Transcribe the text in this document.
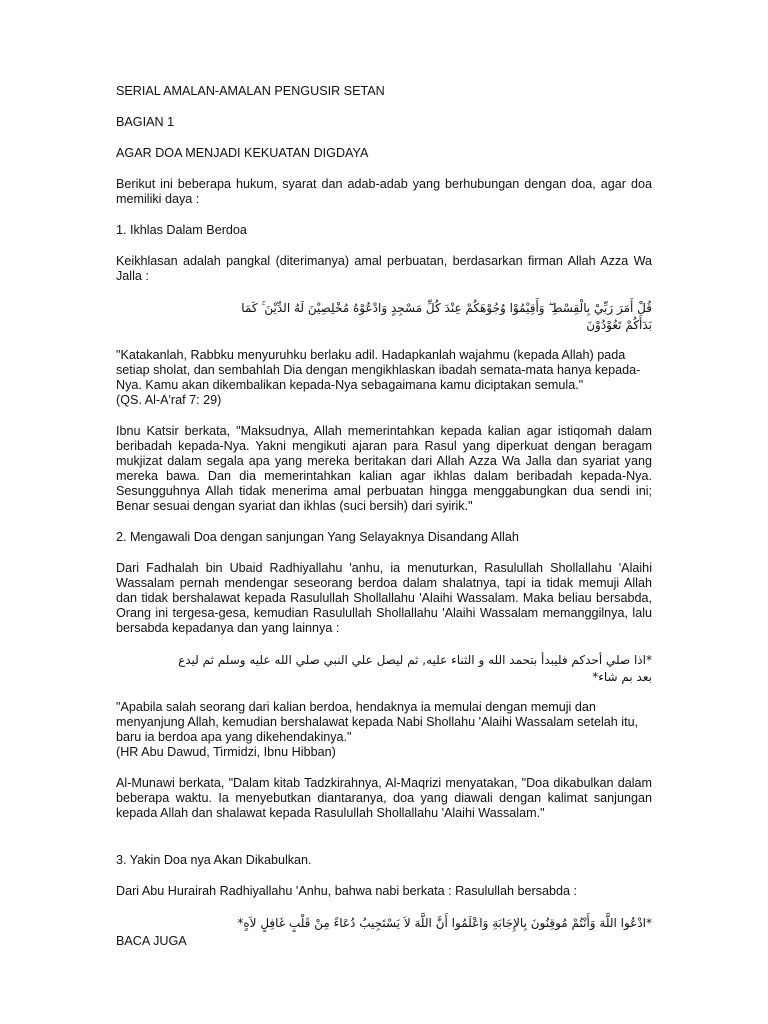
SERIAL AMALAN-AMALAN PENGUSIR SETAN

BAGIAN 1

AGAR DOA MENJADI KEKUATAN DIGDAYA

Berikut ini beberapa hukum, syarat dan adab-adab yang berhubungan dengan doa, agar doa memiliki daya :

1. Ikhlas Dalam Berdoa

Keikhlasan adalah pangkal (diterimanya) amal perbuatan, berdasarkan firman Allah Azza Wa Jalla :

قُلْ أَمَرَ رَبِّيْ بِالْقِسْطِ ۖ وَأَقِيْمُوْا وُجُوْهَكُمْ عِنْدَ كُلِّ مَسْجِدٍ وَادْعُوْهُ مُخْلِصِيْنَ لَهُ الدِّيْنَ ۚ كَمَا
بَدَأَكُمْ تَعُوْدُوْنَ
"Katakanlah, Rabbku menyuruhku berlaku adil. Hadapkanlah wajahmu (kepada Allah) pada
setiap sholat, dan sembahlah Dia dengan mengikhlaskan ibadah semata-mata hanya kepada-
Nya. Kamu akan dikembalikan kepada-Nya sebagaimana kamu diciptakan semula."
(QS. Al-A'raf 7: 29)

Ibnu Katsir berkata, "Maksudnya, Allah memerintahkan kepada kalian agar istiqomah dalam beribadah kepada-Nya. Yakni mengikuti ajaran para Rasul yang diperkuat dengan beragam mukjizat dalam segala apa yang mereka beritakan dari Allah Azza Wa Jalla dan syariat yang mereka bawa. Dan dia memerintahkan kalian agar ikhlas dalam beribadah kepada-Nya. Sesungguhnya Allah tidak menerima amal perbuatan hingga menggabungkan dua sendi ini; Benar sesuai dengan syariat dan ikhlas (suci bersih) dari syirik."

2. Mengawali Doa dengan sanjungan Yang Selayaknya Disandang Allah

Dari Fadhalah bin Ubaid Radhiyallahu 'anhu, ia menuturkan, Rasulullah Shollallahu 'Alaihi Wassalam pernah mendengar seseorang berdoa dalam shalatnya, tapi ia tidak memuji Allah dan tidak bershalawat kepada Rasulullah Shollallahu 'Alaihi Wassalam. Maka beliau bersabda, Orang ini tergesa-gesa, kemudian Rasulullah Shollallahu 'Alaihi Wassalam memanggilnya, lalu bersabda kepadanya dan yang lainnya :

*اذا صلي أحدكم فليبدأ بتحمد الله و الثناء عليه, ثم ليصل علي النبي صلي الله عليه وسلم ثم ليدع
بعد بم شاء*
"Apabila salah seorang dari kalian berdoa, hendaknya ia memulai dengan memuji dan
menyanjung Allah, kemudian bershalawat kepada Nabi Shollahu 'Alaihi Wassalam setelah itu,
baru ia berdoa apa yang dikehendakinya."
(HR Abu Dawud, Tirmidzi, Ibnu Hibban)

Al-Munawi berkata, "Dalam kitab Tadzkirahnya, Al-Maqrizi menyatakan, "Doa dikabulkan dalam beberapa waktu. Ia menyebutkan diantaranya, doa yang diawali dengan kalimat sanjungan kepada Allah dan shalawat kepada Rasulullah Shollallahu 'Alaihi Wassalam."

3. Yakin Doa nya Akan Dikabulkan.

Dari Abu Hurairah Radhiyallahu 'Anhu, bahwa nabi berkata : Rasulullah bersabda :

*ادْعُوا اللَّهَ وَأَنْتُمْ مُوقِنُونَ بِالإِجَابَةِ وَاعْلَمُوا أَنَّ اللَّهَ لاَ يَسْتَجِيبُ دُعَاءً مِنْ قَلْبٍ غَافِلٍ لاَهٍ*

BACA JUGA
